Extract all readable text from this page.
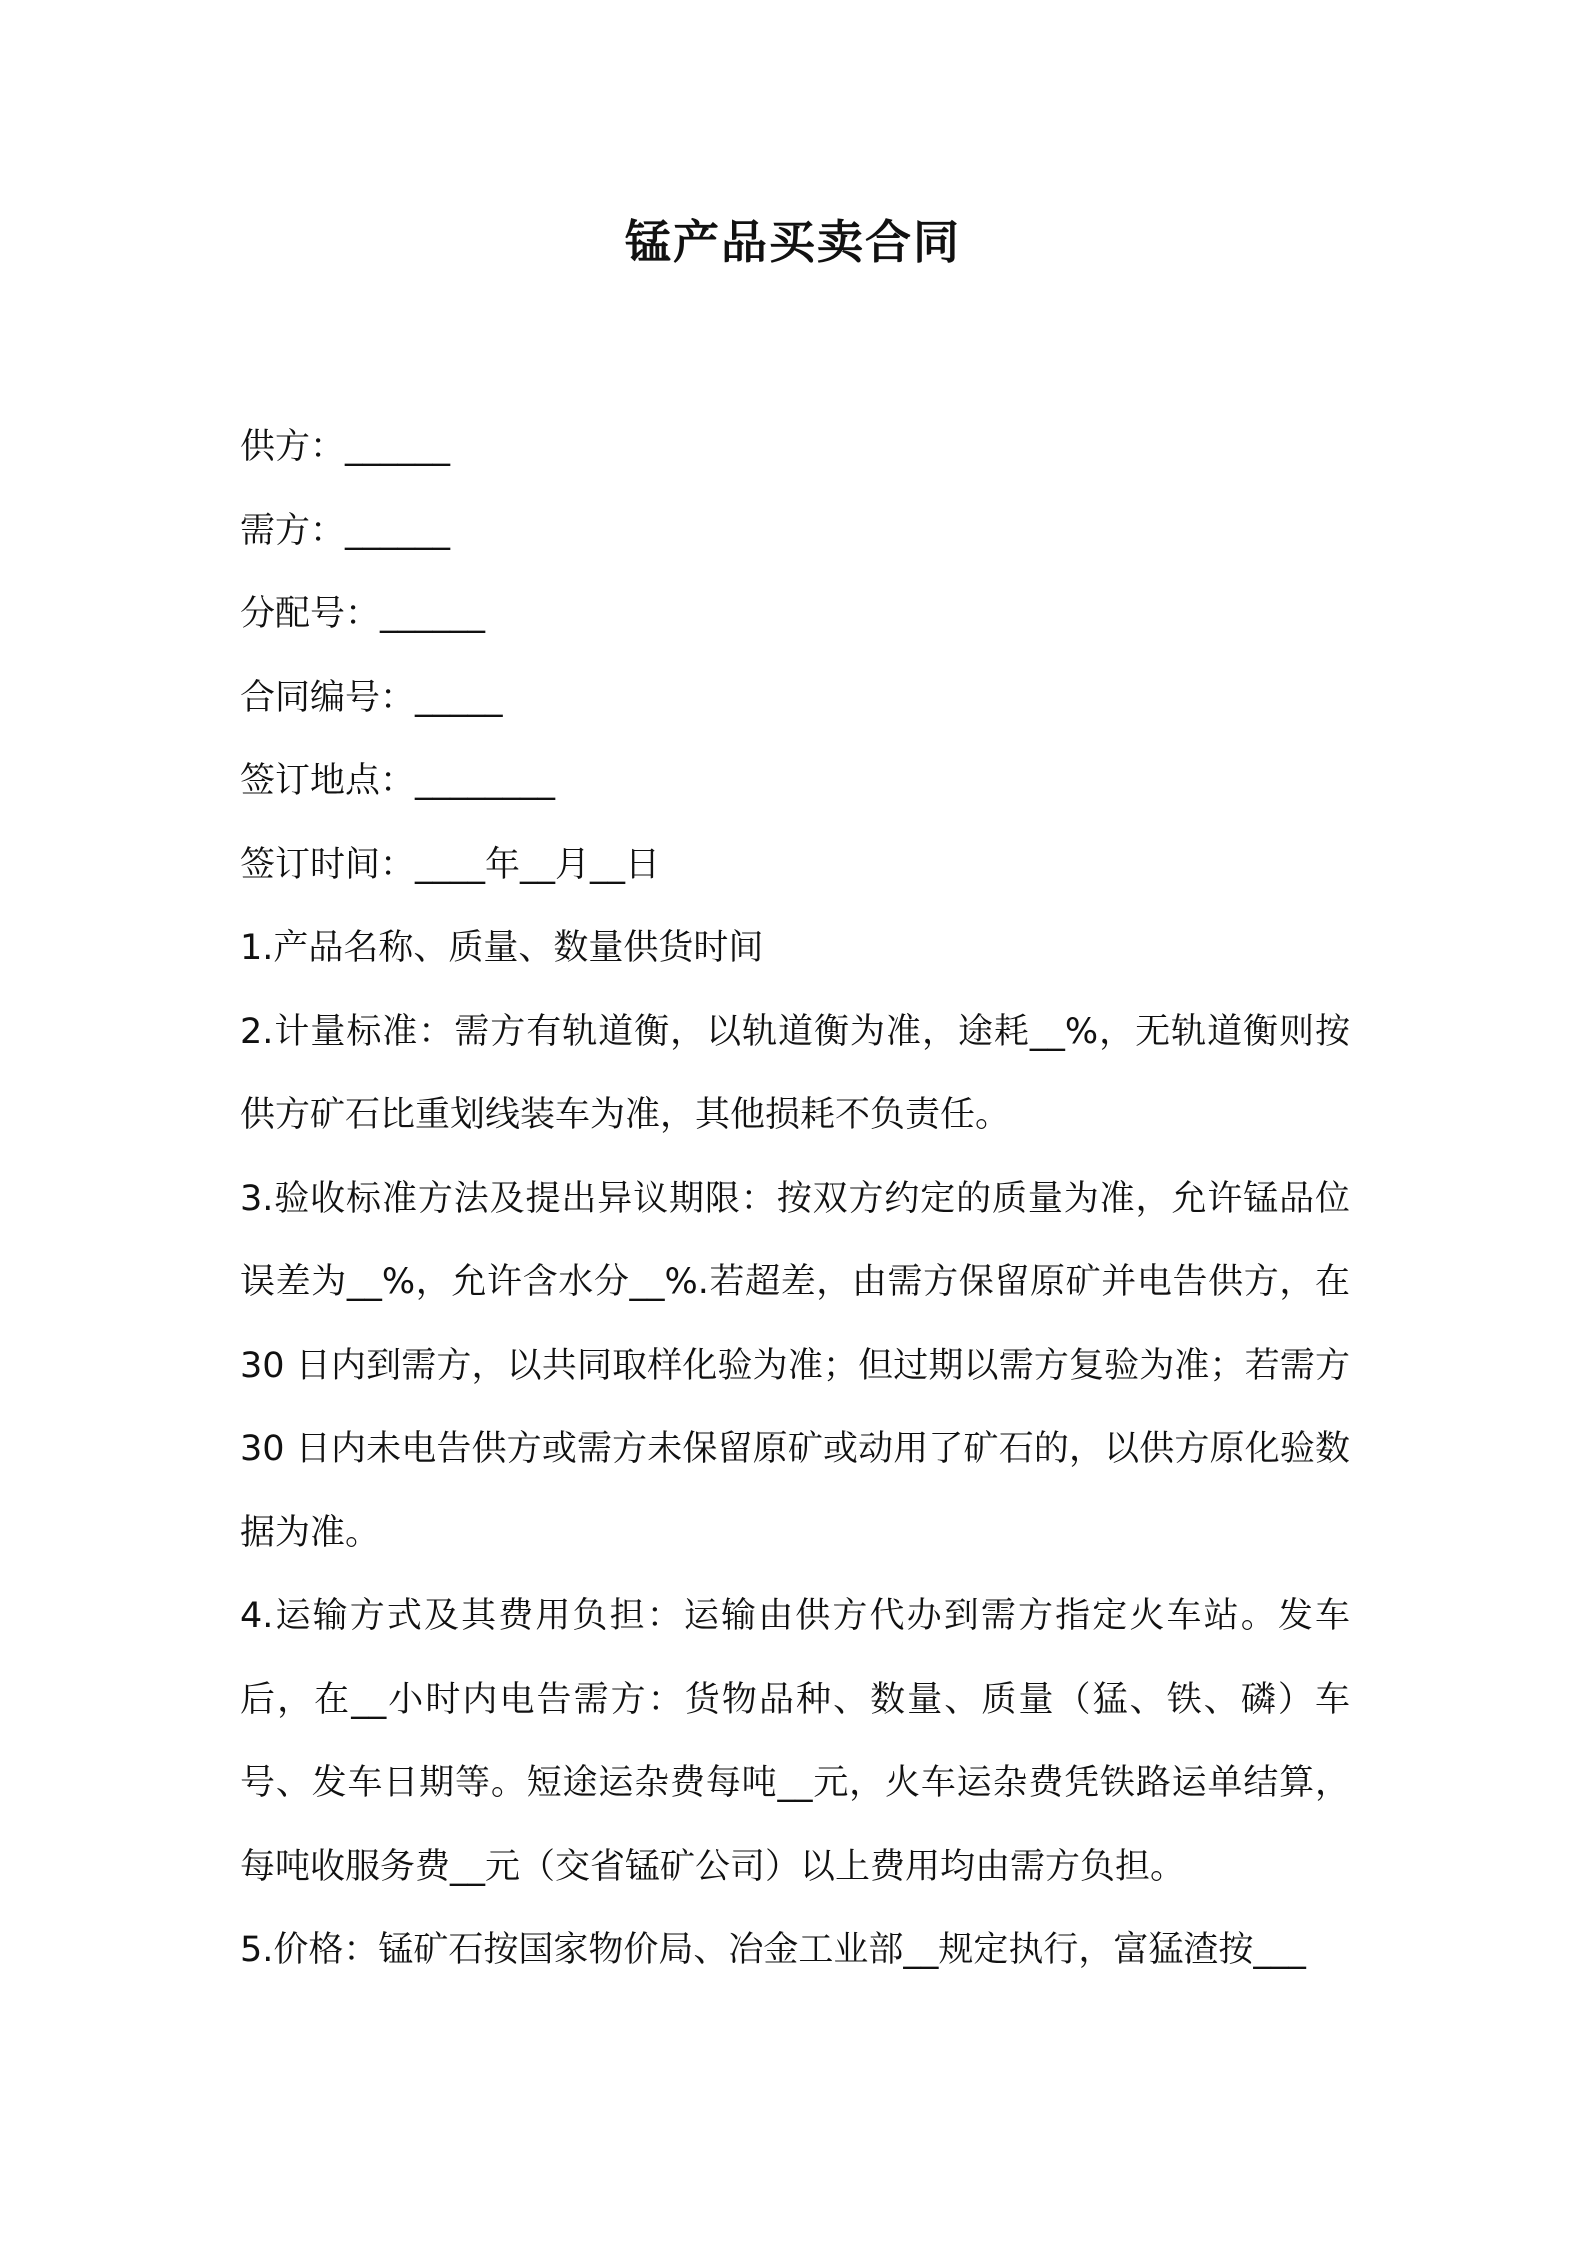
锰产品买卖合同
供方：______
需方：______
分配号：______
合同编号：_____
签订地点：________
签订时间：____年__月__日
1.产品名称、质量、数量供货时间
2.计量标准：需方有轨道衡，以轨道衡为准，途耗__%，无轨道衡则按供方矿石比重划线装车为准，其他损耗不负责任。
3.验收标准方法及提出异议期限：按双方约定的质量为准，允许锰品位误差为__%，允许含水分__%.若超差，由需方保留原矿并电告供方，在 30 日内到需方，以共同取样化验为准；但过期以需方复验为准；若需方 30 日内未电告供方或需方未保留原矿或动用了矿石的，以供方原化验数据为准。
4.运输方式及其费用负担：运输由供方代办到需方指定火车站。发车后，在__小时内电告需方：货物品种、数量、质量（猛、铁、磷）车号、发车日期等。短途运杂费每吨__元，火车运杂费凭铁路运单结算，每吨收服务费__元（交省锰矿公司）以上费用均由需方负担。
5.价格：锰矿石按国家物价局、冶金工业部__规定执行，富猛渣按___
